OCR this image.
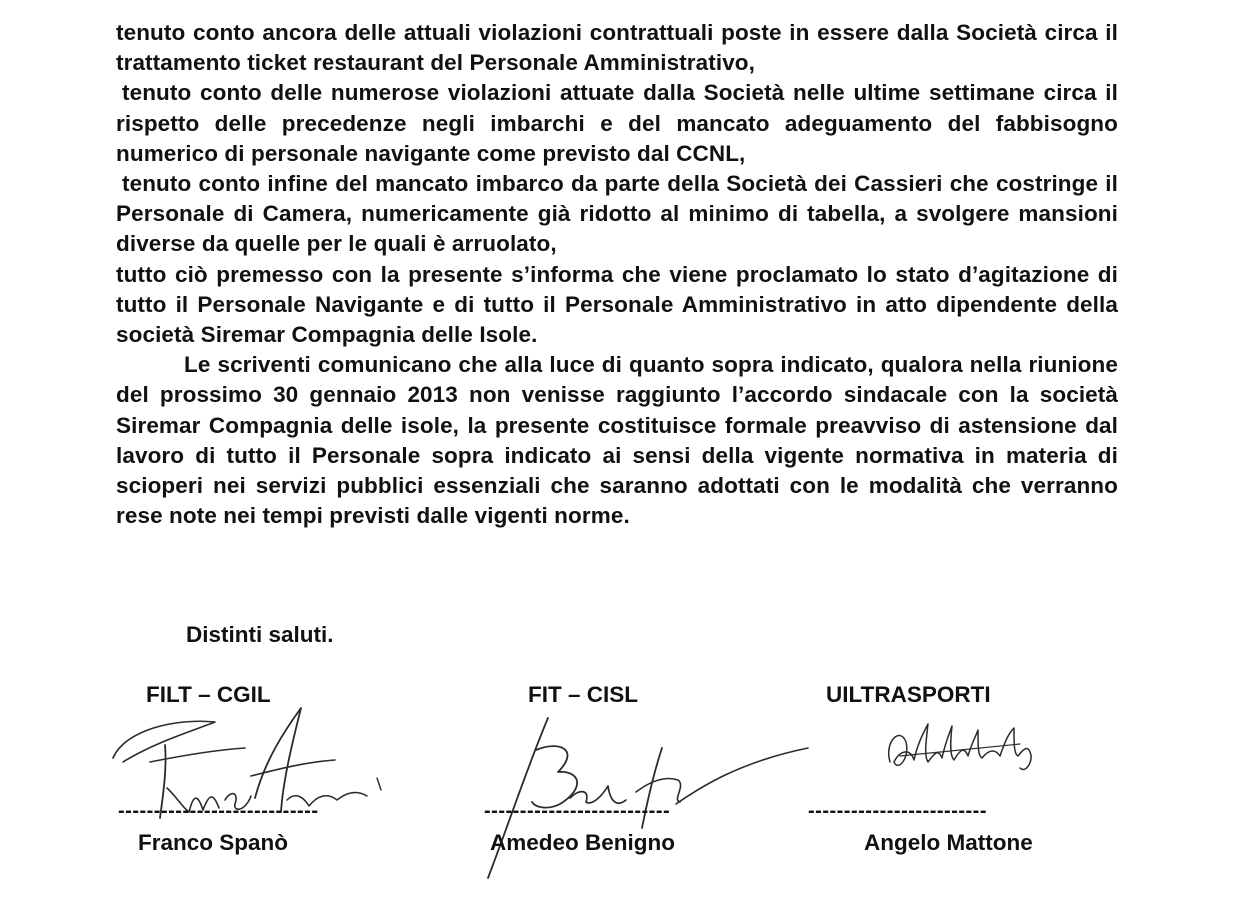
tenuto conto ancora delle attuali violazioni contrattuali poste in essere dalla Società circa il trattamento ticket restaurant del Personale Amministrativo,

tenuto conto delle numerose violazioni attuate dalla Società nelle ultime settimane circa il rispetto delle precedenze negli imbarchi e del mancato adeguamento del fabbisogno numerico di personale navigante come previsto dal CCNL,

tenuto conto infine del mancato imbarco da parte della Società dei Cassieri che costringe il Personale di Camera, numericamente già ridotto al minimo di tabella, a svolgere mansioni diverse da quelle per le quali è arruolato,

tutto ciò premesso con la presente s’informa che viene proclamato lo stato d’agitazione di tutto il Personale Navigante e di tutto il Personale Amministrativo in atto dipendente della società Siremar Compagnia delle Isole.

Le scriventi comunicano che alla luce di quanto sopra indicato, qualora nella riunione del prossimo 30 gennaio 2013 non venisse raggiunto l’accordo sindacale con la società Siremar Compagnia delle isole, la presente costituisce formale preavviso di astensione dal lavoro di tutto il Personale sopra indicato ai sensi della vigente normativa in materia di scioperi nei servizi pubblici essenziali che saranno adottati con le modalità che verranno rese note nei tempi previsti dalle vigenti norme.

Distinti saluti.

FILT – CGIL

----------------------------

Franco Spanò

FIT – CISL

--------------------------

Amedeo Benigno

UILTRASPORTI

-------------------------

Angelo Mattone
